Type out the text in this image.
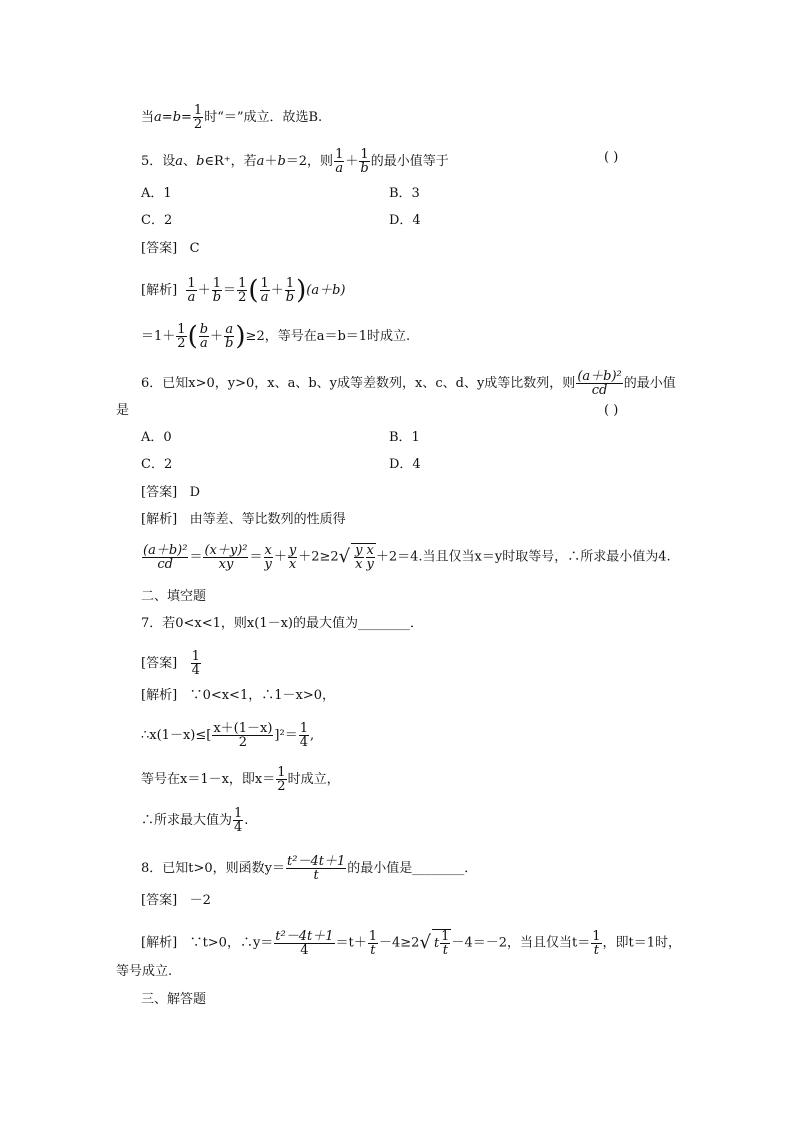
当$a=b= \frac{1}{2}$ 时“＝”成立．故选B.
5．设a、b∈R⁺，若a＋b＝2，则 $\frac{1}{a} + \frac{1}{b}$ 的最小值等于	( )
A．1	B．3
C．2	D．4
[答案] C
[解析] $\frac{1}{a} + \frac{1}{b} = \frac{1}{2}$ ( $\frac{1}{a} + \frac{1}{b} )(a+b)$
$=1+ \frac{1}{2}$ ( $\frac{b}{a} + \frac{a}{b} )\ge 2$，等号在a＝b＝1时成立.
6．已知x>0，y>0，x、a、b、y成等差数列，x、c、d、y成等比数列，则 $\frac{\text{(a＋b)²}}{cd}$ 的最小值
是	( )
A．0	B．1
C．2	D．4
[答案] D
[解析] 由等差、等比数列的性质得
$\frac{\text{(a＋b)²}}{cd} = \frac{\text{(x＋y)²}}{xy} = \frac{x}{y} + \frac{y}{x} +2\ge 2√ \frac{y}{x} \frac{x}{y} +2=4$.当且仅当x＝y时取等号，∴所求最小值为4.
二、填空题
7．若0<x<1，则x(1－x)的最大值为________．
[答案] $\frac{1}{4}$
[解析] ∵0<x<1，∴1－x>0，
∴x(1－x)≤[ $\frac{x+(1-x)}{2} ]^2= \frac{1}{4}$ ,
等号在x＝1－x，即$x= \frac{1}{2}$ 时成立，
∴所求最大值为 $\frac{1}{4}$ .
8．已知t>0，则函数$y= \frac{\text{t²－4t＋1}}{t}$ 的最小值是________．
[答案] －2
[解析] ∵t>0，∴y＝ $\frac{\text{t²－4t＋1}}{4} =t+ \frac{1}{t} -4\ge 2√$ t $\frac{1}{t} -4=-2$，当且仅当$t= \frac{1}{t}$ ，即t＝1时，
等号成立.
三、解答题
